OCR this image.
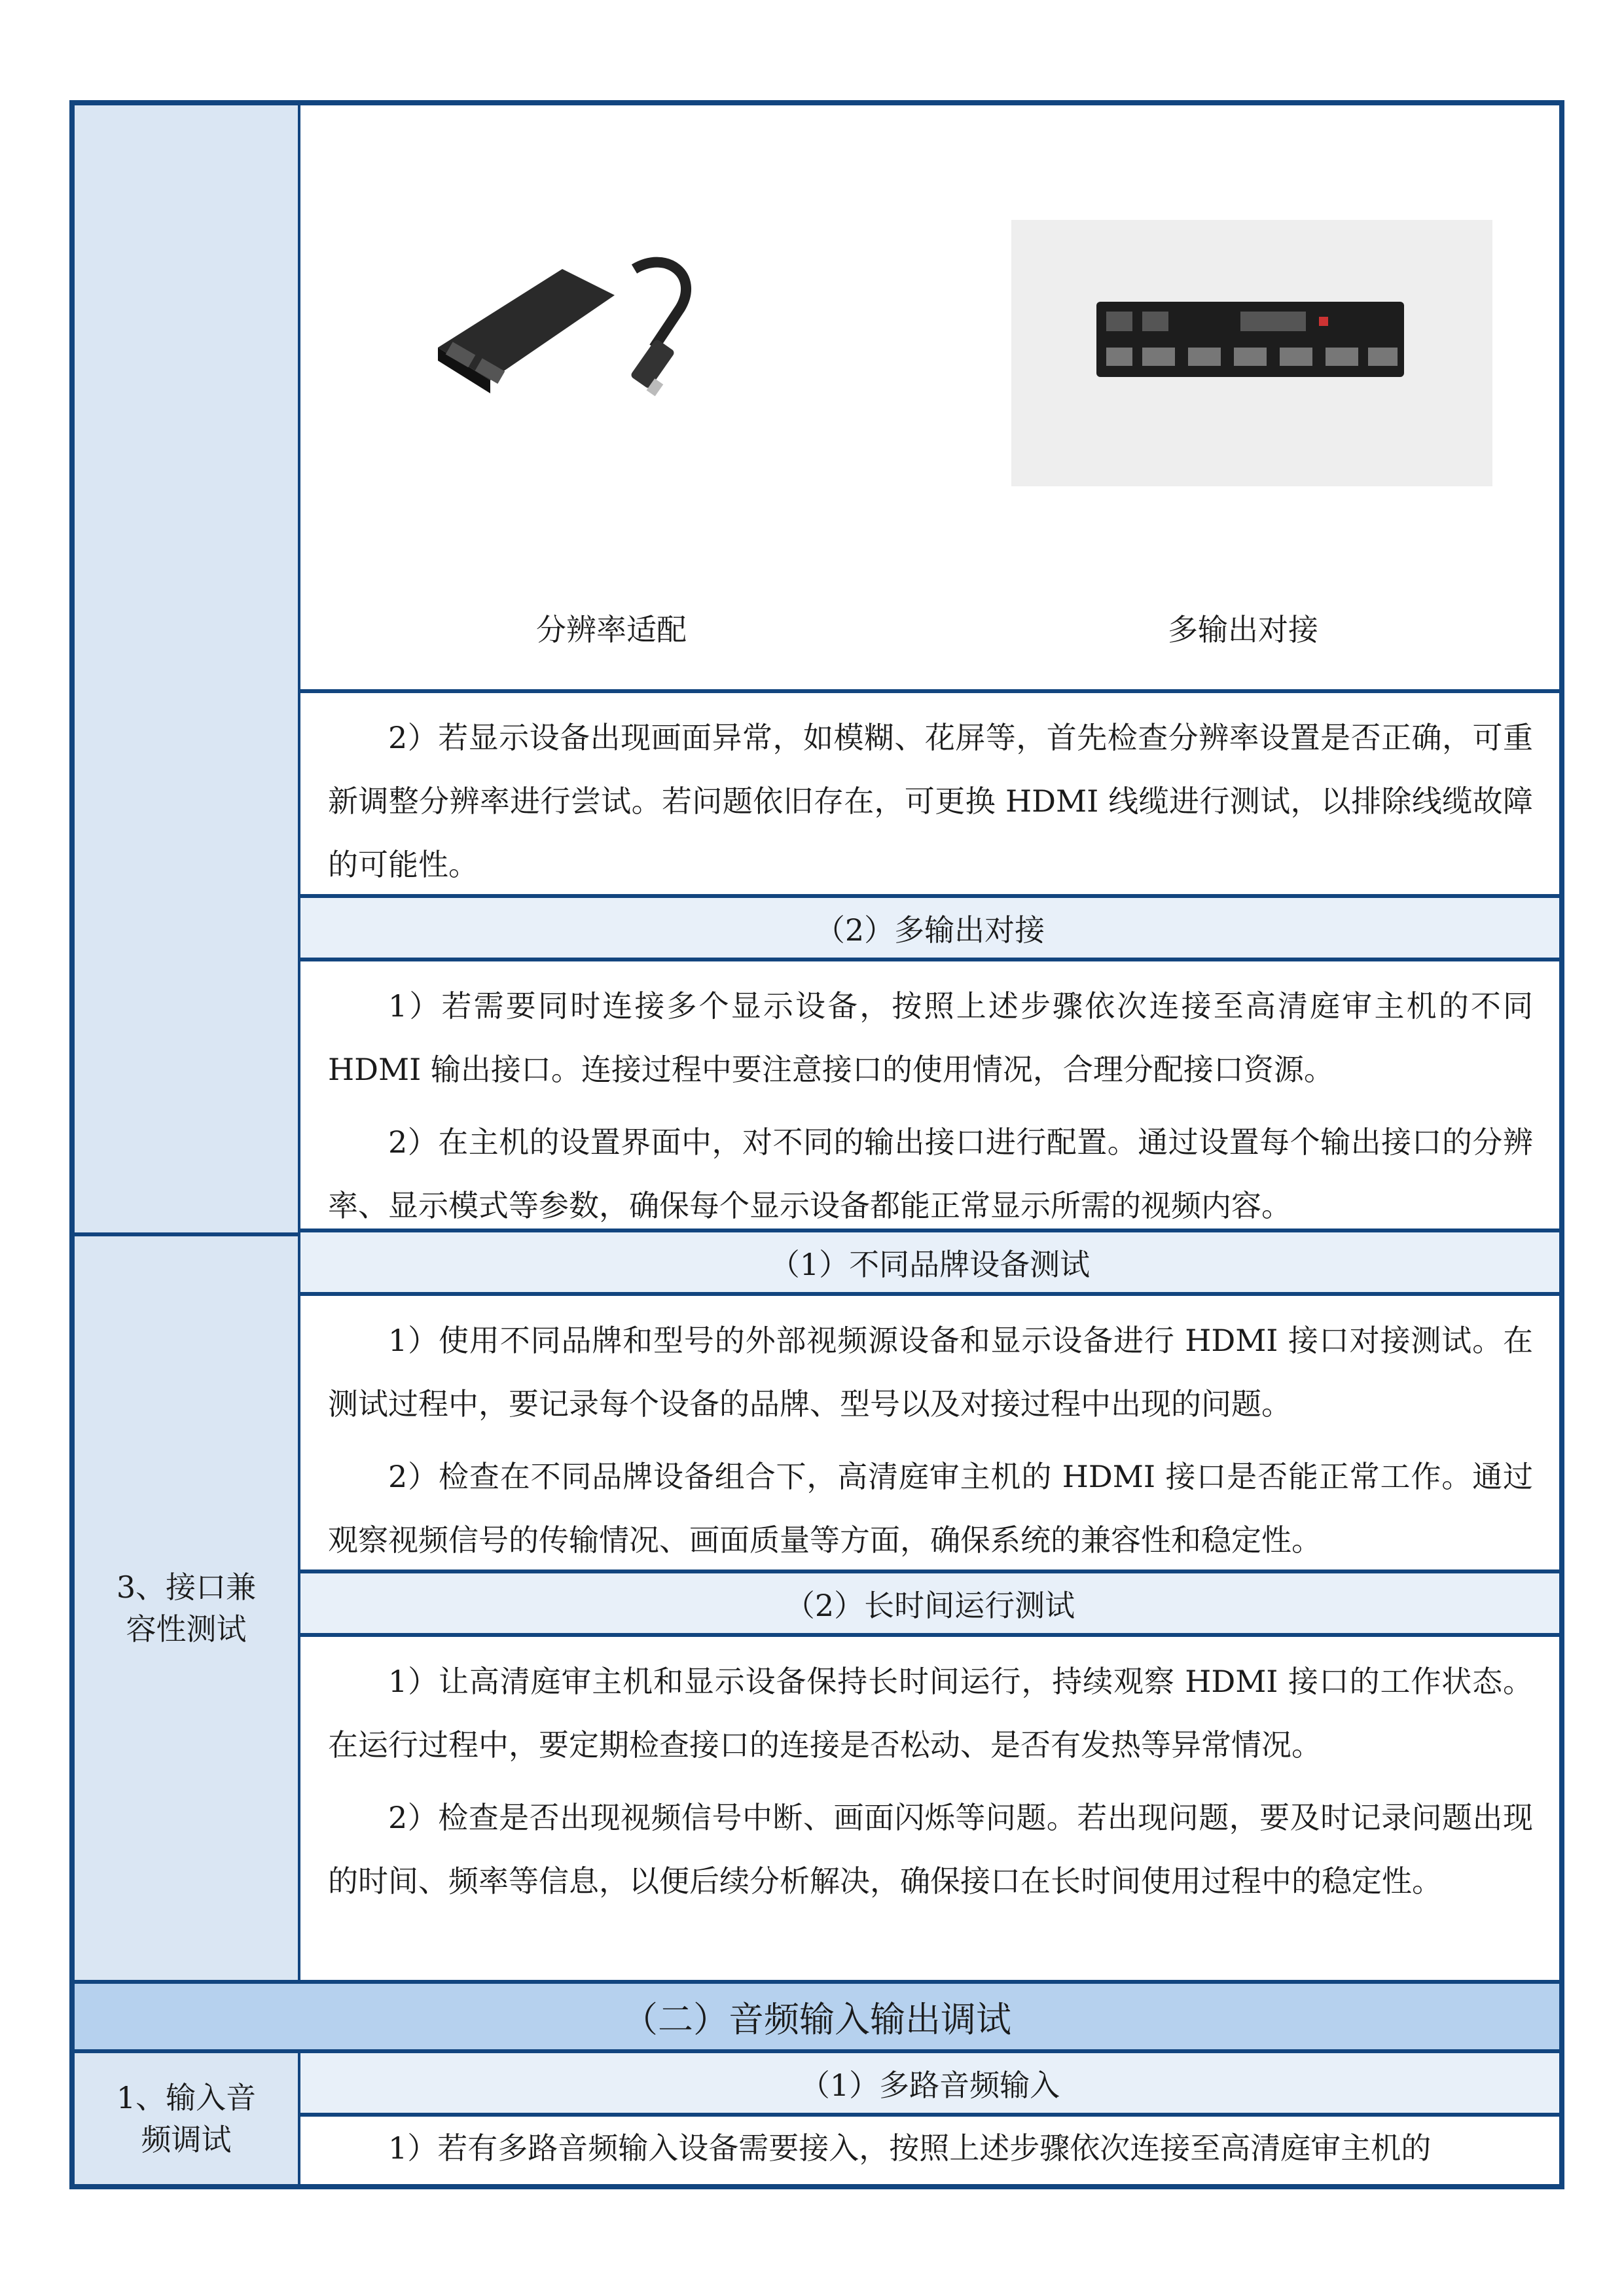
分辨率适配	多输出对接

2）若显示设备出现画面异常，如模糊、花屏等，首先检查分辨率设置是否正确，可重新调整分辨率进行尝试。若问题依旧存在，可更换 HDMI 线缆进行测试，以排除线缆故障的可能性。

（2）多输出对接

1）若需要同时连接多个显示设备，按照上述步骤依次连接至高清庭审主机的不同 HDMI 输出接口。连接过程中要注意接口的使用情况，合理分配接口资源。

2）在主机的设置界面中，对不同的输出接口进行配置。通过设置每个输出接口的分辨率、显示模式等参数，确保每个显示设备都能正常显示所需的视频内容。

3、接口兼容性测试
（1）不同品牌设备测试

1）使用不同品牌和型号的外部视频源设备和显示设备进行 HDMI 接口对接测试。在测试过程中，要记录每个设备的品牌、型号以及对接过程中出现的问题。

2）检查在不同品牌设备组合下，高清庭审主机的 HDMI 接口是否能正常工作。通过观察视频信号的传输情况、画面质量等方面，确保系统的兼容性和稳定性。

（2）长时间运行测试

1）让高清庭审主机和显示设备保持长时间运行，持续观察 HDMI 接口的工作状态。在运行过程中，要定期检查接口的连接是否松动、是否有发热等异常情况。

2）检查是否出现视频信号中断、画面闪烁等问题。若出现问题，要及时记录问题出现的时间、频率等信息，以便后续分析解决，确保接口在长时间使用过程中的稳定性。

（二）音频输入输出调试
1、输入音频调试
（1）多路音频输入

1）若有多路音频输入设备需要接入，按照上述步骤依次连接至高清庭审主机的
